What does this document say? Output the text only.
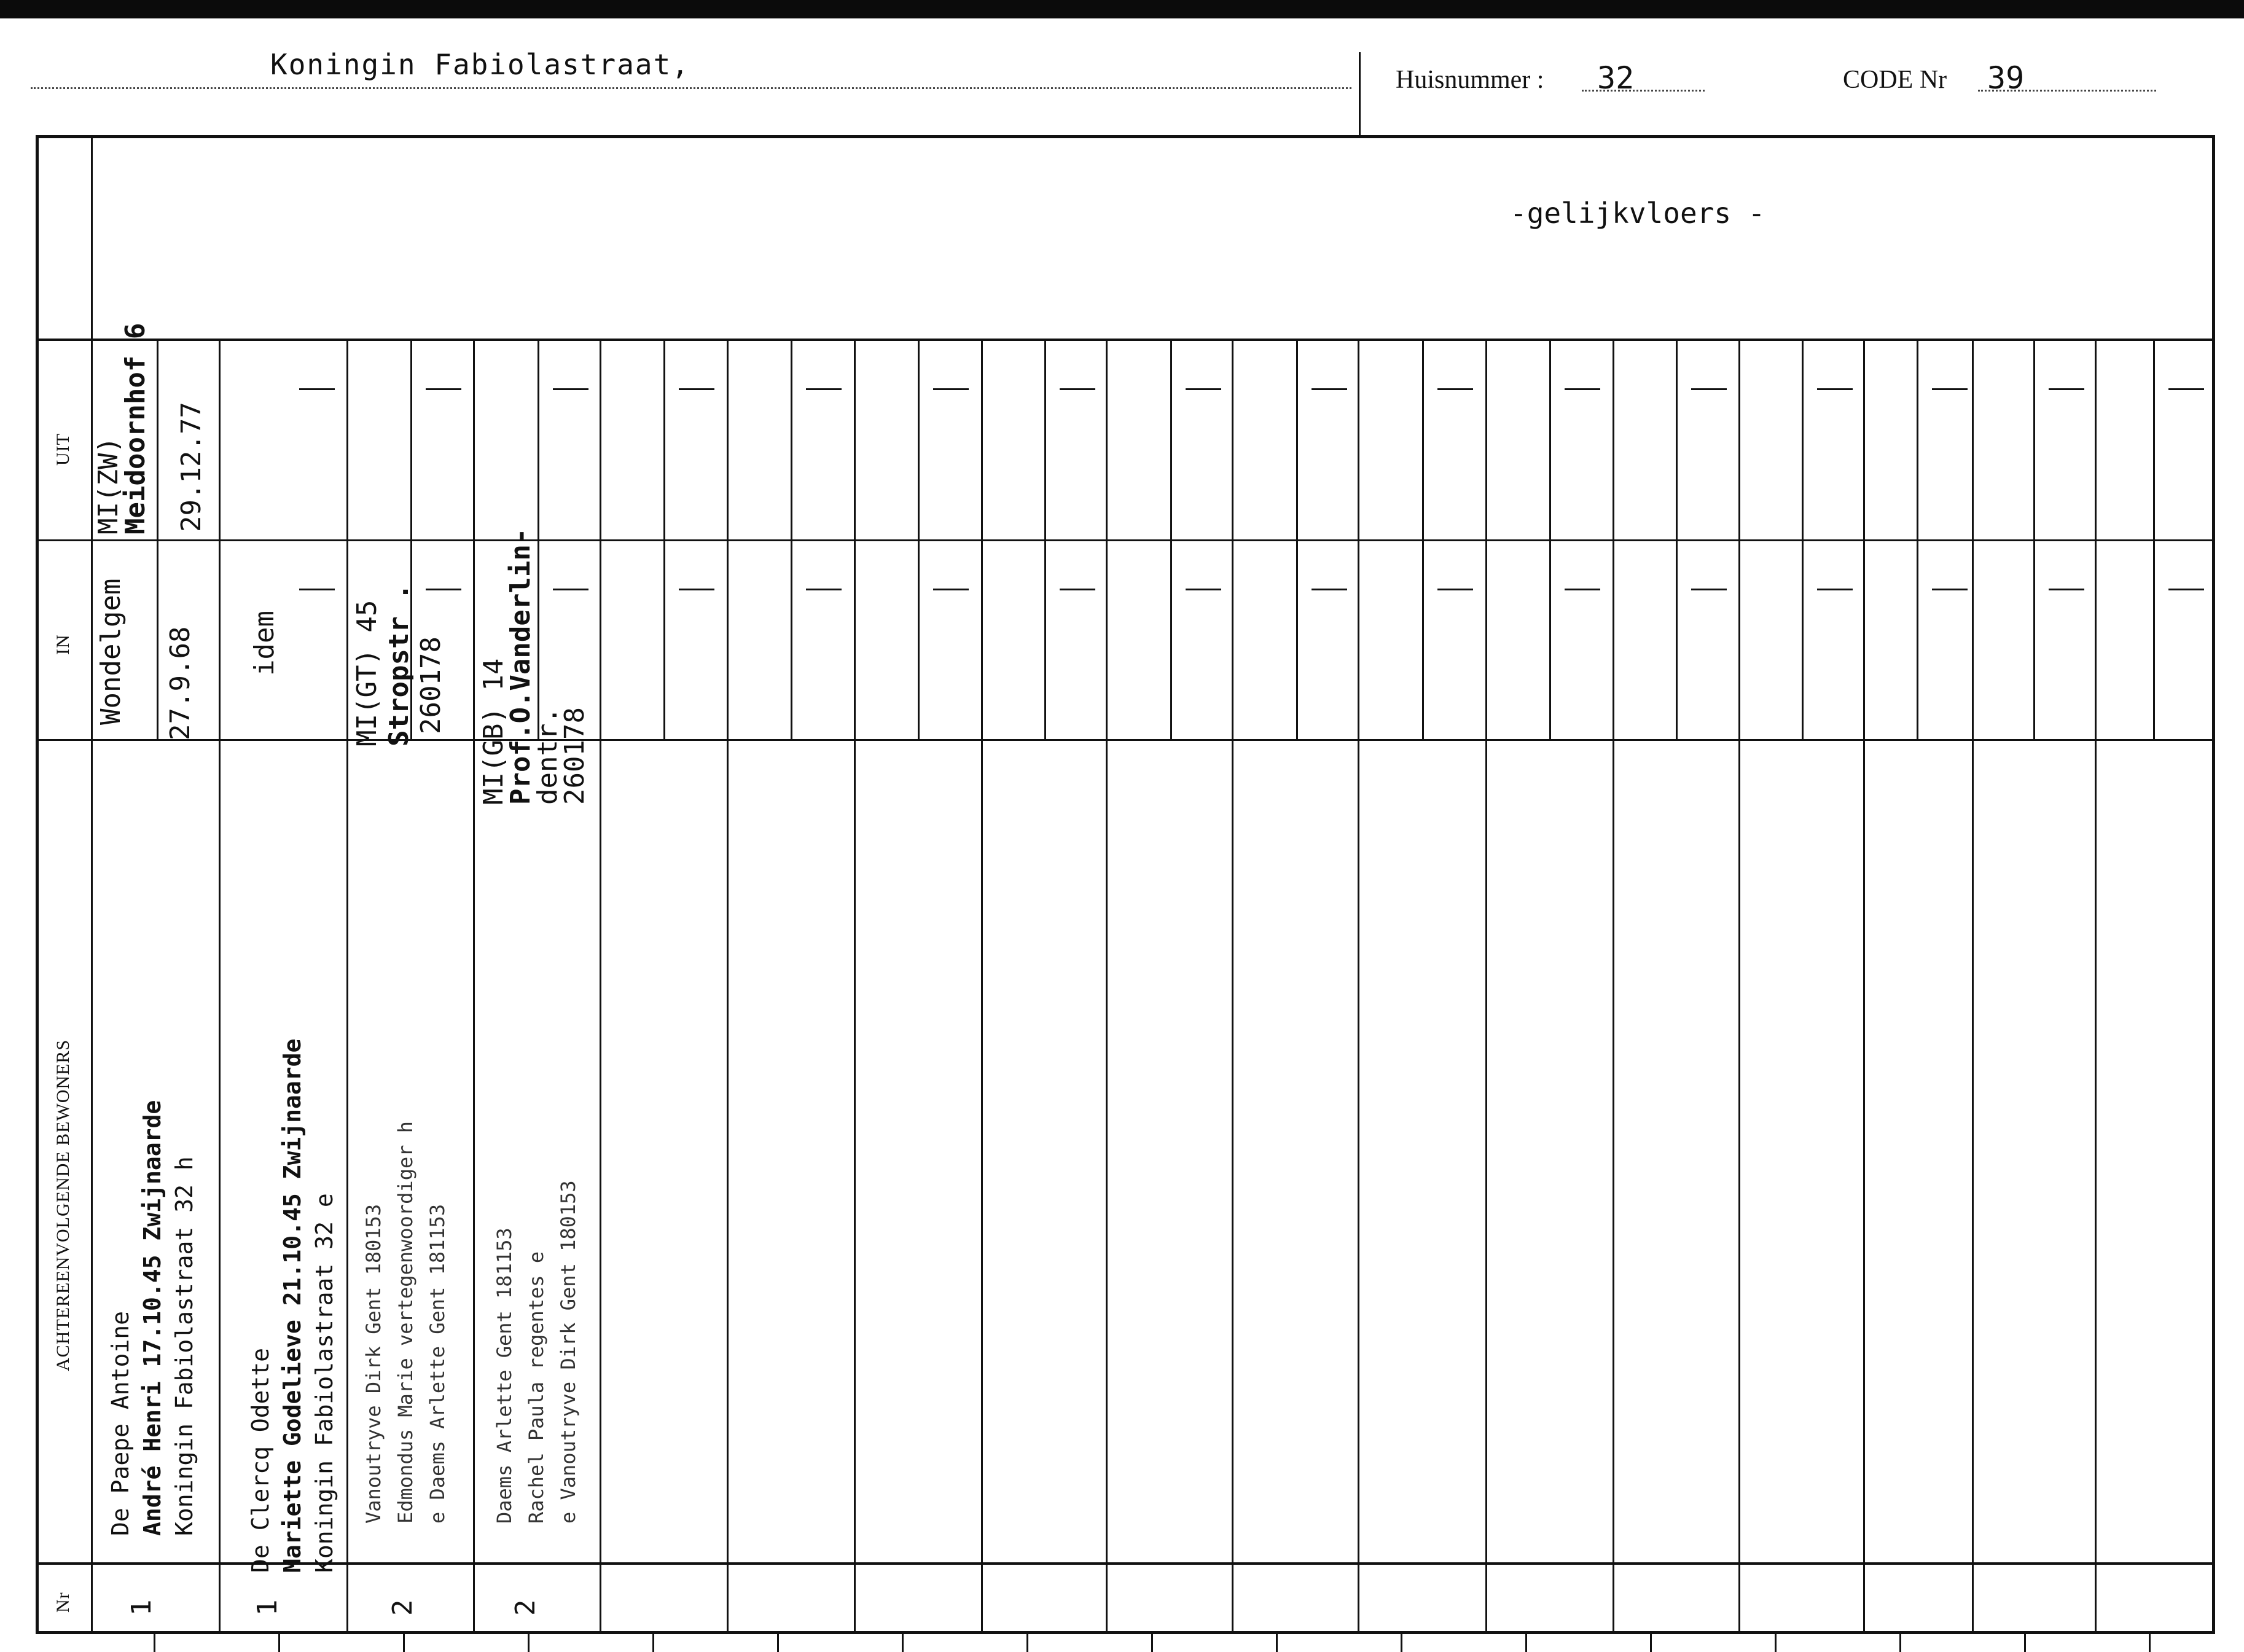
Koningin Fabiolastraat,	Huisnummer : 32	CODE Nr 39
-gelijkvloers -
Nr
ACHTEREENVOLGENDE BEWONERS
IN
UIT
De Paepe Antoine André Henri 17.10.45 Zwijnaarde Koningin Fabiolastraat 32 h
1
Wondelgem 27.9.68
MI(ZW)
Meidoornhof 6 29.12.77
De Clercq Odette Mariette Godelieve 21.10.45 Zwijnaarde Koningin Fabiolastraat 32 e
1
idem
Vanoutryve Dirk Gent 180153 Edmondus Marie vertegenwoordiger h e Daems Arlette Gent 181153
2
MI(GT) 45 Stropstr . 260178
Daems Arlette Gent 181153 Rachel Paula regentes e e Vanoutryve Dirk Gent 180153
2
MI(GB) 14
Prof.O.Vanderlin-
dentr.
260178
